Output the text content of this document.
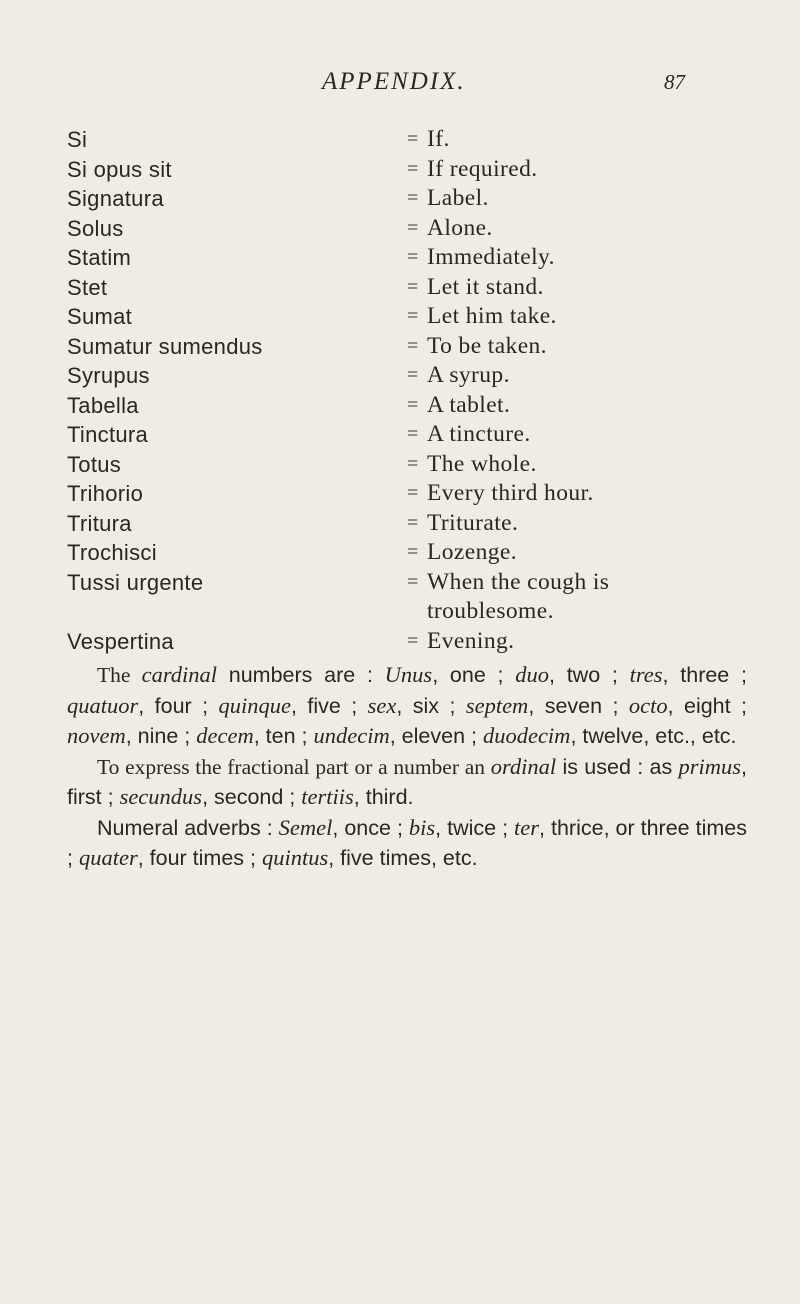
APPENDIX.	87
Si	= If.
Si opus sit	= If required.
Signatura	= Label.
Solus	= Alone.
Statim	= Immediately.
Stet	= Let it stand.
Sumat	= Let him take.
Sumatur sumendus	= To be taken.
Syrupus	= A syrup.
Tabella	= A tablet.
Tinctura	= A tincture.
Totus	= The whole.
Trihorio	= Every third hour.
Tritura	= Triturate.
Trochisci	= Lozenge.
Tussi urgente	= When the cough is
troublesome.
Vespertina	= Evening.

The cardinal numbers are : Unus, one ; duo, two ; tres, three ; quatuor, four ; quinque, five ; sex, six ; septem, seven ; octo, eight ; novem, nine ; decem, ten ; undecim, eleven ; duodecim, twelve, etc., etc.

To express the fractional part or a number an ordinal is used : as primus, first ; secundus, second ; tertiis, third.

Numeral adverbs : Semel, once ; bis, twice ; ter, thrice, or three times ; quater, four times ; quintus, five times, etc.
